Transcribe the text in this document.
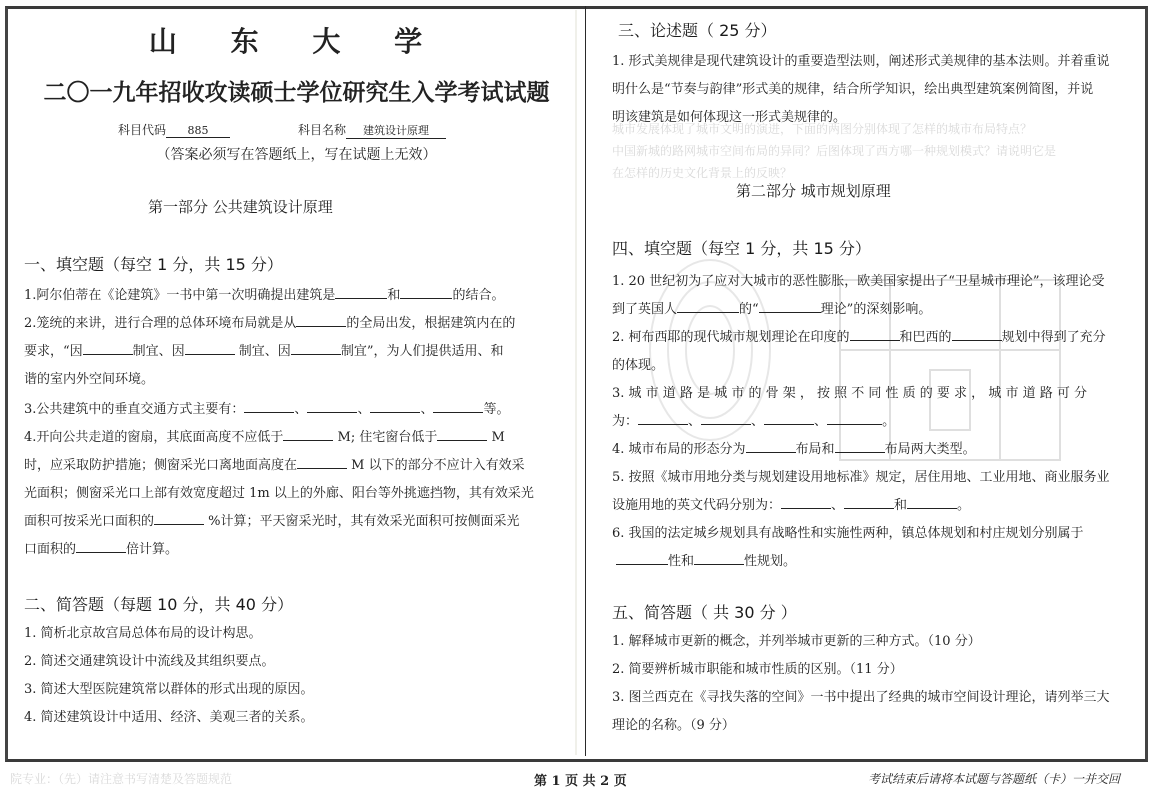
山 东 大 学
二〇一九年招收攻读硕士学位研究生入学考试试题
科目代码 885	科目名称 建筑设计原理
（答案必须写在答题纸上，写在试题上无效）
第一部分 公共建筑设计原理
一、填空题（每空 1 分，共 15 分）
1.阿尔伯蒂在《论建筑》一书中第一次明确提出建筑是	和	的结合。
2.笼统的来讲，进行合理的总体环境布局就是从	的全局出发，根据建筑内在的
要求，“因	制宜、因	制宜、因	制宜”，为人们提供适用、和
谐的室内外空间环境。
3.公共建筑中的垂直交通方式主要有：	、	、	、	等。
4.开向公共走道的窗扇，其底面高度不应低于	M; 住宅窗台低于	M
时，应采取防护措施；侧窗采光口离地面高度在	M 以下的部分不应计入有效采
光面积；侧窗采光口上部有效宽度超过 1m 以上的外廊、阳台等外挑遮挡物，其有效采光
面积可按采光口面积的	%计算；平天窗采光时，其有效采光面积可按侧面采光
口面积的	倍计算。
二、简答题（每题 10 分，共 40 分）
1. 简析北京故宫局总体布局的设计构思。
2. 简述交通建筑设计中流线及其组织要点。
3. 简述大型医院建筑常以群体的形式出现的原因。
4. 简述建筑设计中适用、经济、美观三者的关系。
三、论述题（ 25 分）
1. 形式美规律是现代建筑设计的重要造型法则，阐述形式美规律的基本法则。并着重说
明什么是“节奏与韵律”形式美的规律，结合所学知识，绘出典型建筑案例简图，并说
明该建筑是如何体现这一形式美规律的。
城市发展体现了城市文明的演进，下面的两图分别体现了怎样的城市布局特点？
中国新城的路网城市空间布局的异同？后图体现了西方哪一种规划模式？请说明它是
在怎样的历史文化背景上的反映？
第二部分 城市规划原理
四、填空题（每空 1 分，共 15 分）
1. 20 世纪初为了应对大城市的恶性膨胀，欧美国家提出了“卫星城市理论”，该理论受
到了英国人	的“	理论”的深刻影响。
2. 柯布西耶的现代城市规划理论在印度的	和巴西的	规划中得到了充分
的体现。
3. 城 市 道 路 是 城 市 的 骨 架 ， 按 照 不 同 性 质 的 要 求 ， 城 市 道 路 可 分
为：	、	、	、	。
4. 城市布局的形态分为	布局和	布局两大类型。
5. 按照《城市用地分类与规划建设用地标准》规定，居住用地、工业用地、商业服务业
设施用地的英文代码分别为：	、	和	。
6. 我国的法定城乡规划具有战略性和实施性两种，镇总体规划和村庄规划分别属于
性和	性规划。
五、简答题（ 共 30 分 ）
1. 解释城市更新的概念，并列举城市更新的三种方式。（10 分）
2. 简要辨析城市职能和城市性质的区别。（11 分）
3. 图兰西克在《寻找失落的空间》一书中提出了经典的城市空间设计理论，请列举三大
理论的名称。（9 分）
院专业：（先）请注意书写清楚及答题规范	第 1 页 共 2 页	考试结束后请将本试题与答题纸（卡）一并交回
